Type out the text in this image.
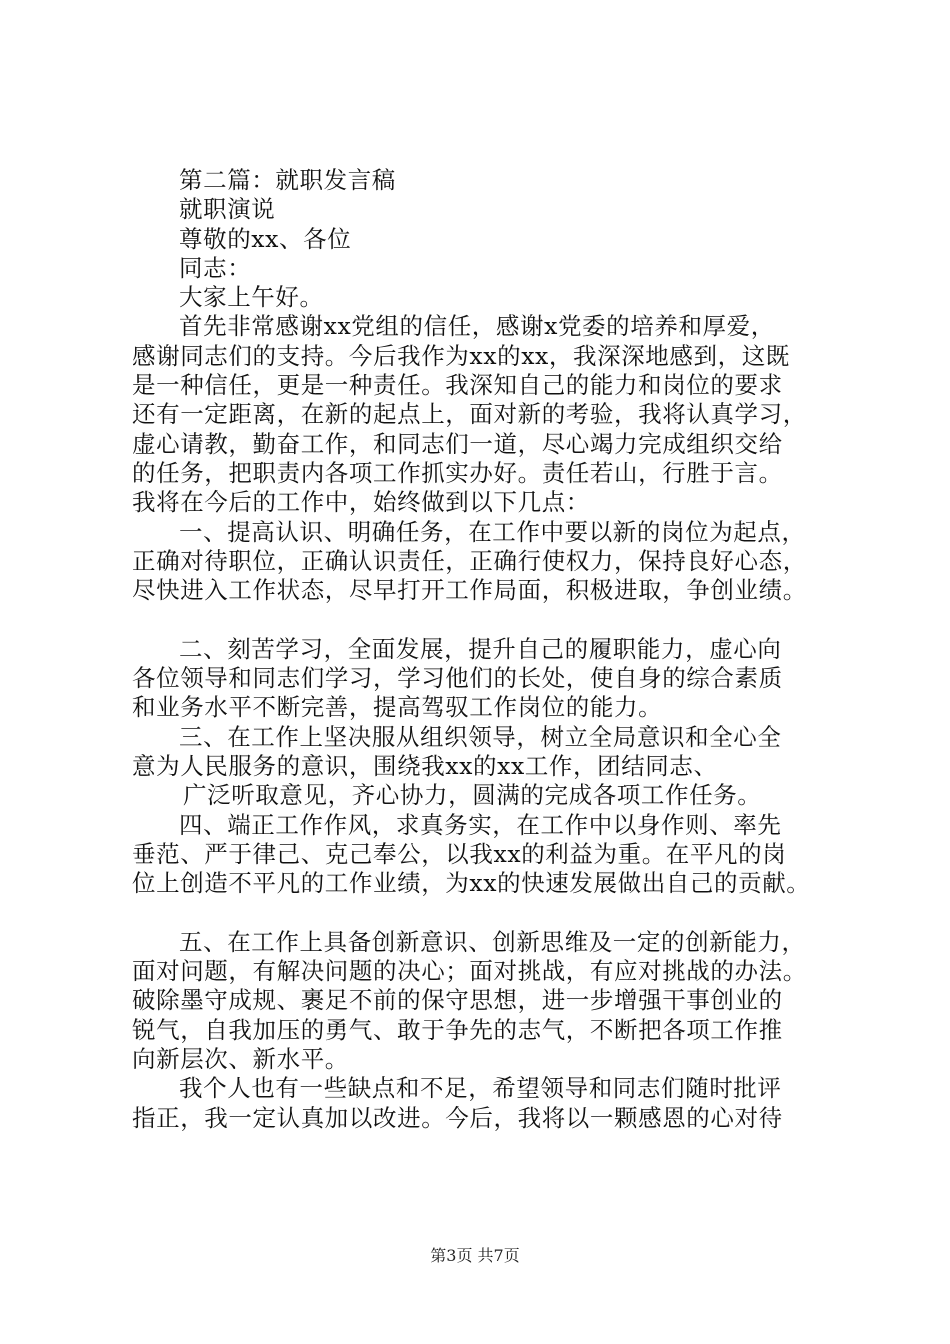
第二篇：就职发言稿
就职演说
尊敬的xx、各位
同志：
大家上午好。
首先非常感谢xx党组的信任，感谢x党委的培养和厚爱，
感谢同志们的支持。今后我作为xx的xx，我深深地感到，这既
是一种信任，更是一种责任。我深知自己的能力和岗位的要求
还有一定距离，在新的起点上，面对新的考验，我将认真学习，
虚心请教，勤奋工作，和同志们一道，尽心竭力完成组织交给
的任务，把职责内各项工作抓实办好。责任若山，行胜于言。
我将在今后的工作中，始终做到以下几点：
一、提高认识、明确任务，在工作中要以新的岗位为起点，
正确对待职位，正确认识责任，正确行使权力，保持良好心态，
尽快进入工作状态，尽早打开工作局面，积极进取，争创业绩。
二、刻苦学习，全面发展，提升自己的履职能力，虚心向
各位领导和同志们学习，学习他们的长处，使自身的综合素质
和业务水平不断完善，提高驾驭工作岗位的能力。
三、在工作上坚决服从组织领导，树立全局意识和全心全
意为人民服务的意识，围绕我xx的xx工作，团结同志、
广泛听取意见，齐心协力，圆满的完成各项工作任务。
四、端正工作作风，求真务实，在工作中以身作则、率先
垂范、严于律己、克己奉公，以我xx的利益为重。在平凡的岗
位上创造不平凡的工作业绩，为xx的快速发展做出自己的贡献。
五、在工作上具备创新意识、创新思维及一定的创新能力，
面对问题，有解决问题的决心；面对挑战，有应对挑战的办法。
破除墨守成规、裹足不前的保守思想，进一步增强干事创业的
锐气，自我加压的勇气、敢于争先的志气，不断把各项工作推
向新层次、新水平。
我个人也有一些缺点和不足，希望领导和同志们随时批评
指正，我一定认真加以改进。今后，我将以一颗感恩的心对待
第3页 共7页
